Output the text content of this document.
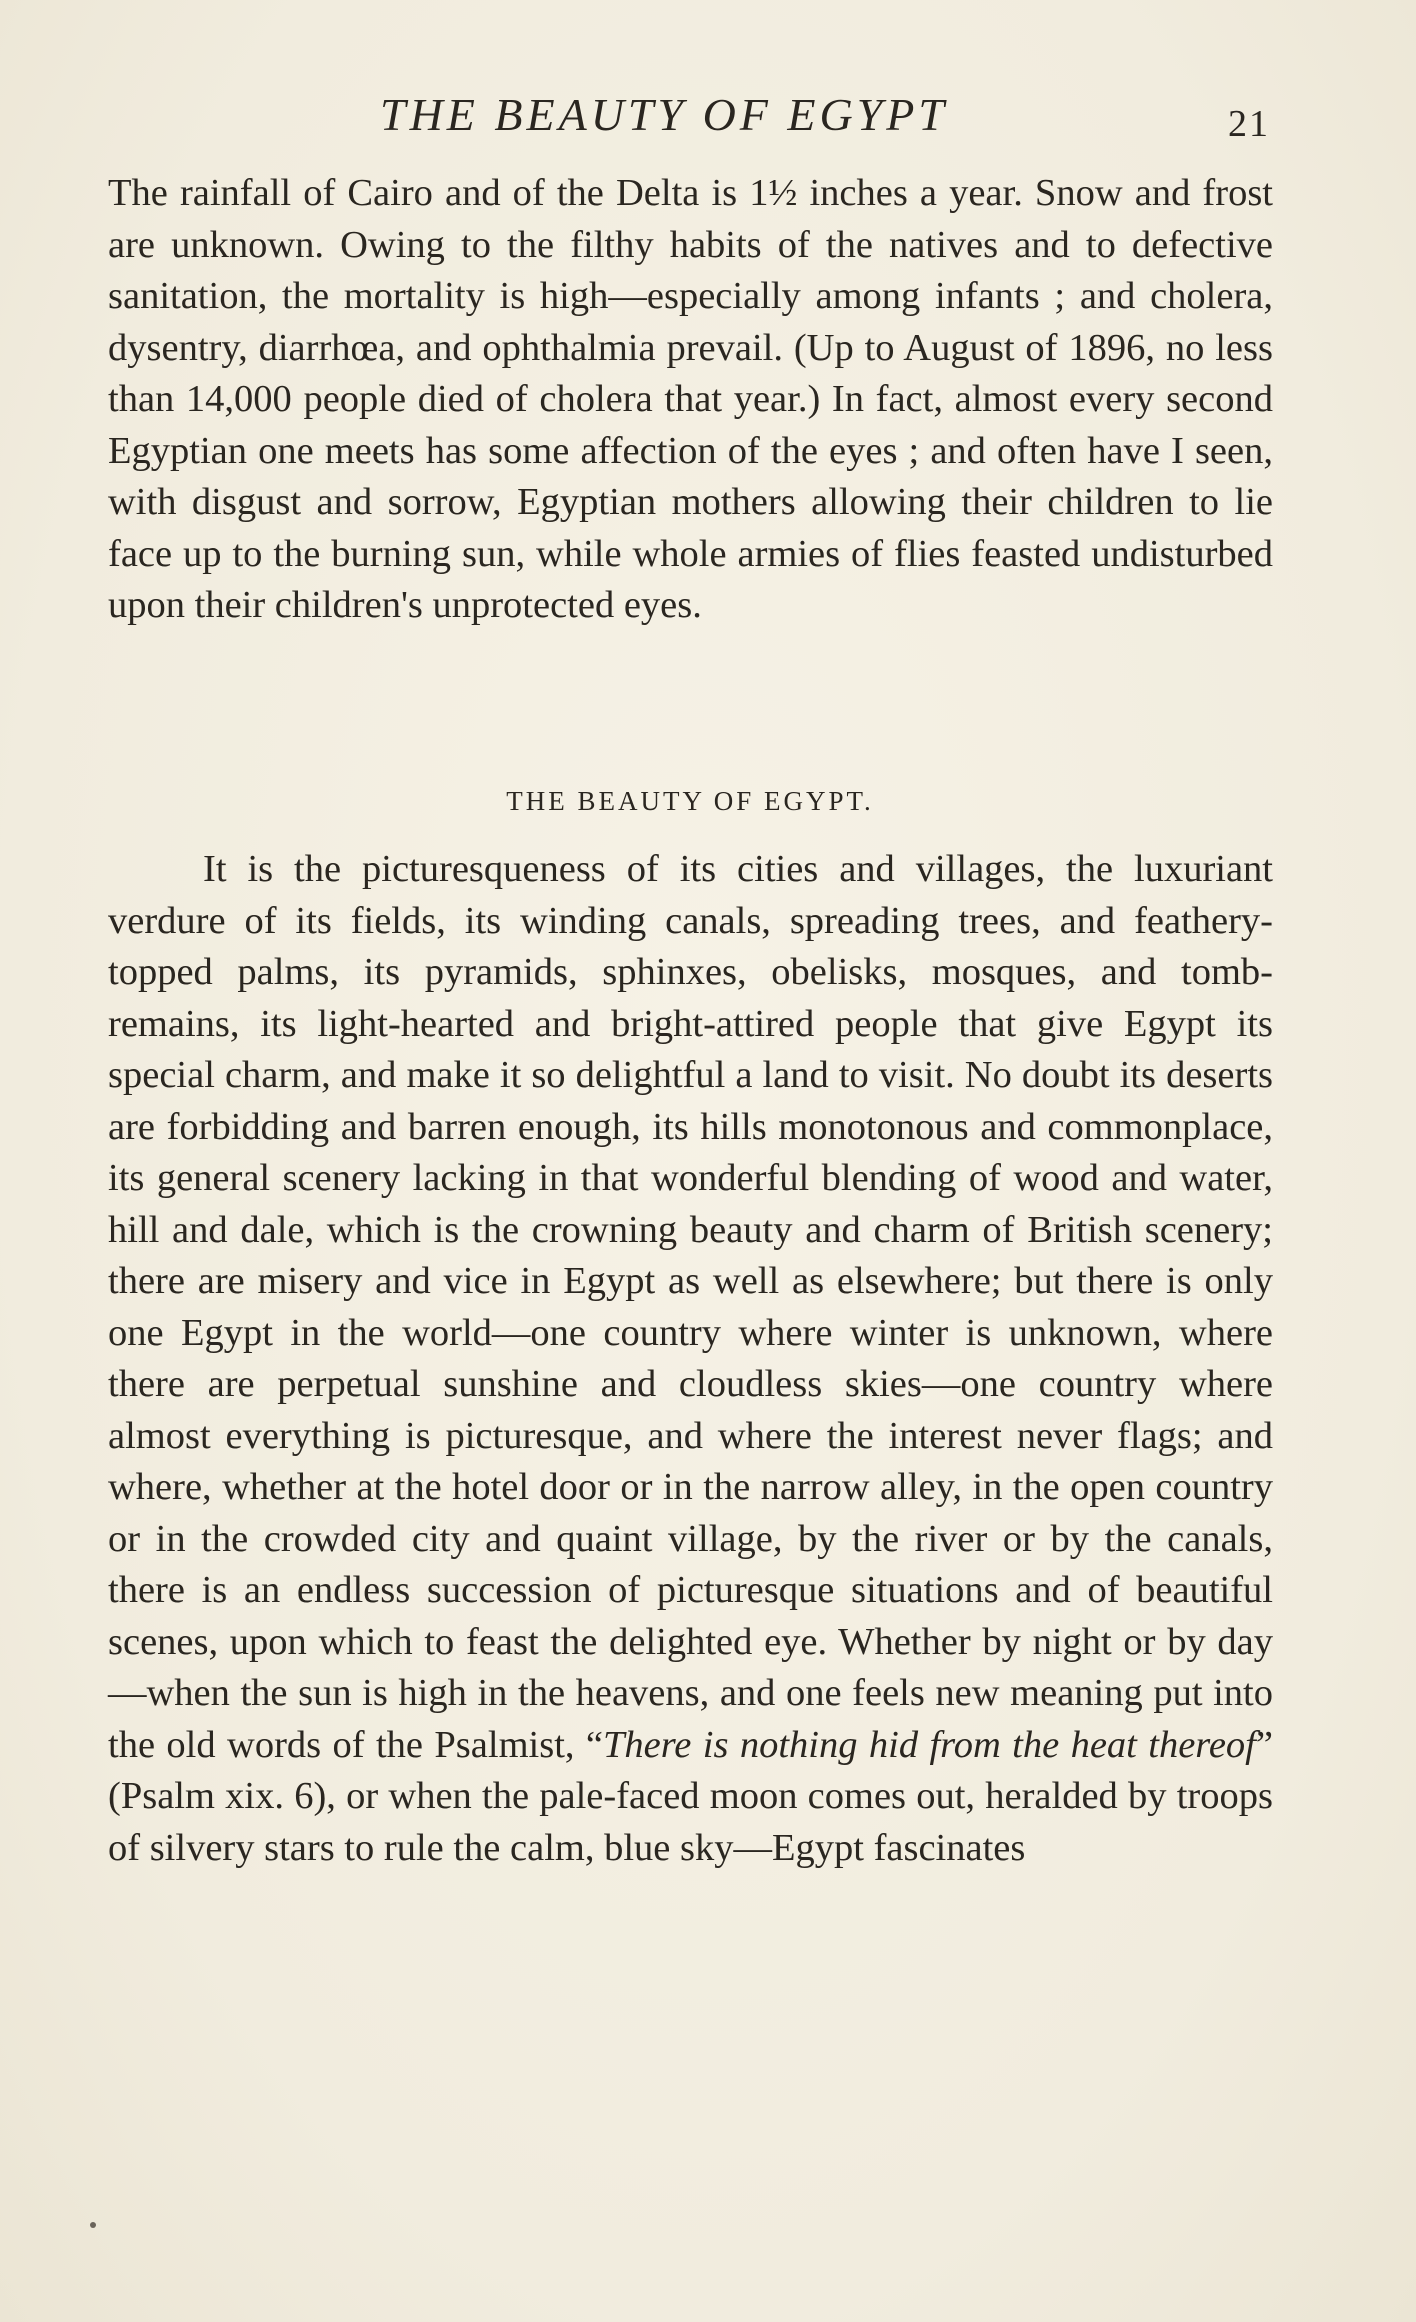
THE BEAUTY OF EGYPT	21

The rainfall of Cairo and of the Delta is 1½ inches a year. Snow and frost are unknown. Owing to the filthy habits of the natives and to defective sanitation, the mortality is high—especially among infants ; and cholera, dysentry, diarrhœa, and ophthalmia prevail. (Up to August of 1896, no less than 14,000 people died of cholera that year.) In fact, almost every second Egyptian one meets has some affection of the eyes ; and often have I seen, with disgust and sorrow, Egyptian mothers allowing their children to lie face up to the burning sun, while whole armies of flies feasted undisturbed upon their children's unprotected eyes.

THE BEAUTY OF EGYPT.

It is the picturesqueness of its cities and villages, the luxuriant verdure of its fields, its winding canals, spreading trees, and feathery-topped palms, its pyramids, sphinxes, obelisks, mosques, and tomb-remains, its light-hearted and bright-attired people that give Egypt its special charm, and make it so delightful a land to visit. No doubt its deserts are forbidding and barren enough, its hills monotonous and commonplace, its general scenery lacking in that wonderful blending of wood and water, hill and dale, which is the crowning beauty and charm of British scenery; there are misery and vice in Egypt as well as elsewhere; but there is only one Egypt in the world—one country where winter is unknown, where there are perpetual sunshine and cloudless skies—one country where almost everything is picturesque, and where the interest never flags; and where, whether at the hotel door or in the narrow alley, in the open country or in the crowded city and quaint village, by the river or by the canals, there is an endless succession of picturesque situations and of beautiful scenes, upon which to feast the delighted eye. Whether by night or by day—when the sun is high in the heavens, and one feels new meaning put into the old words of the Psalmist, “There is nothing hid from the heat thereof” (Psalm xix. 6), or when the pale-faced moon comes out, heralded by troops of silvery stars to rule the calm, blue sky—Egypt fascinates
